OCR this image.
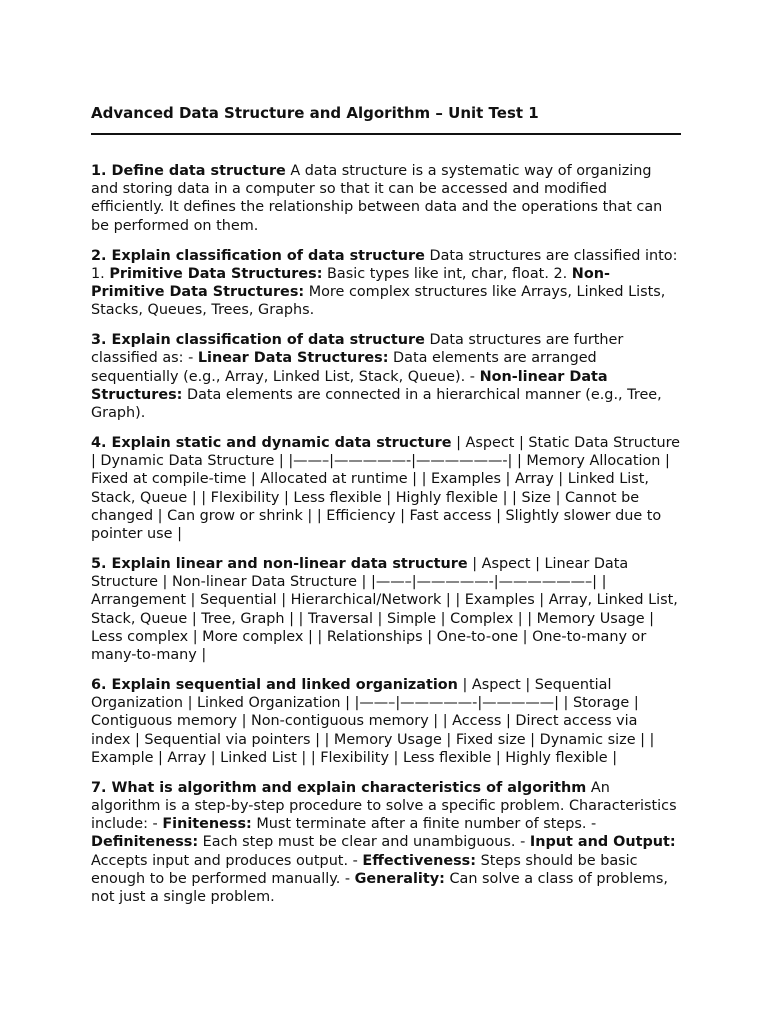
Advanced Data Structure and Algorithm – Unit Test 1

1. Define data structure A data structure is a systematic way of organizing and storing data in a computer so that it can be accessed and modified efficiently. It defines the relationship between data and the operations that can be performed on them.

2. Explain classification of data structure Data structures are classified into: 1. Primitive Data Structures: Basic types like int, char, float. 2. Non-Primitive Data Structures: More complex structures like Arrays, Linked Lists, Stacks, Queues, Trees, Graphs.

3. Explain classification of data structure Data structures are further classified as: - Linear Data Structures: Data elements are arranged sequentially (e.g., Array, Linked List, Stack, Queue). - Non-linear Data Structures: Data elements are connected in a hierarchical manner (e.g., Tree, Graph).

4. Explain static and dynamic data structure | Aspect | Static Data Structure | Dynamic Data Structure | |——–|—————-|——————-| | Memory Allocation | Fixed at compile-time | Allocated at runtime | | Examples | Array | Linked List, Stack, Queue | | Flexibility | Less flexible | Highly flexible | | Size | Cannot be changed | Can grow or shrink | | Efficiency | Fast access | Slightly slower due to pointer use |

5. Explain linear and non-linear data structure | Aspect | Linear Data Structure | Non-linear Data Structure | |——–|—————-|——————–| | Arrangement | Sequential | Hierarchical/Network | | Examples | Array, Linked List, Stack, Queue | Tree, Graph | | Traversal | Simple | Complex | | Memory Usage | Less complex | More complex | | Relationships | One-to-one | One-to-many or many-to-many |

6. Explain sequential and linked organization | Aspect | Sequential Organization | Linked Organization | |——–|—————-|—————| | Storage | Contiguous memory | Non-contiguous memory | | Access | Direct access via index | Sequential via pointers | | Memory Usage | Fixed size | Dynamic size | | Example | Array | Linked List | | Flexibility | Less flexible | Highly flexible |

7. What is algorithm and explain characteristics of algorithm An algorithm is a step-by-step procedure to solve a specific problem. Characteristics include: - Finiteness: Must terminate after a finite number of steps. - Definiteness: Each step must be clear and unambiguous. - Input and Output: Accepts input and produces output. - Effectiveness: Steps should be basic enough to be performed manually. - Generality: Can solve a class of problems, not just a single problem.
